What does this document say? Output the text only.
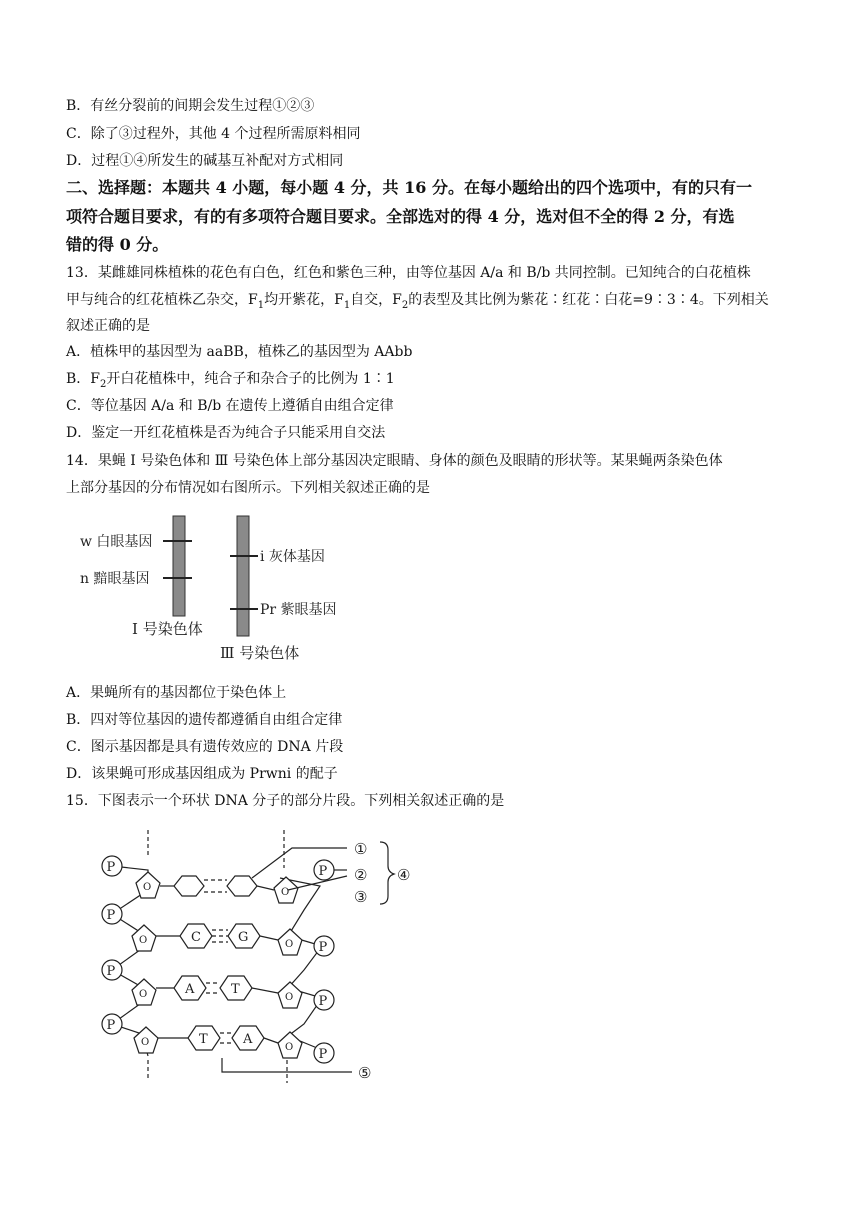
B．有丝分裂前的间期会发生过程①②③
C．除了③过程外，其他 4 个过程所需原料相同
D．过程①④所发生的碱基互补配对方式相同
二、选择题：本题共 4 小题，每小题 4 分，共 16 分。在每小题给出的四个选项中，有的只有一
项符合题目要求，有的有多项符合题目要求。全部选对的得 4 分，选对但不全的得 2 分，有选
错的得 0 分。
13．某雌雄同株植株的花色有白色，红色和紫色三种，由等位基因 A/a 和 B/b 共同控制。已知纯合的白花植株
甲与纯合的红花植株乙杂交，$F_1$均开紫花，$F_1$自交，$F_2$的表型及其比例为紫花∶红花∶白花=9∶3∶4。下列相关
叙述正确的是
A．植株甲的基因型为 aaBB，植株乙的基因型为 AAbb
B．$F_2$开白花植株中，纯合子和杂合子的比例为 1∶1
C．等位基因 A/a 和 B/b 在遗传上遵循自由组合定律
D．鉴定一开红花植株是否为纯合子只能采用自交法
14．果蝇 Ⅰ 号染色体和 Ⅲ 号染色体上部分基因决定眼睛、身体的颜色及眼睛的形状等。某果蝇两条染色体
上部分基因的分布情况如右图所示。下列相关叙述正确的是
w 白眼基因
n 黯眼基因
Ⅰ 号染色体
i 灰体基因
Pr 紫眼基因
Ⅲ 号染色体
A．果蝇所有的基因都位于染色体上
B．四对等位基因的遗传都遵循自由组合定律
C．图示基因都是具有遗传效应的 DNA 片段
D．该果蝇可形成基因组成为 Prwni 的配子
15．下图表示一个环状 DNA 分子的部分片段。下列相关叙述正确的是
P
P
P
P
P
P
P
P
O
O
O
O
O
O
O
O
C	G
A	T
T	A
①
②
③
④
⑤
